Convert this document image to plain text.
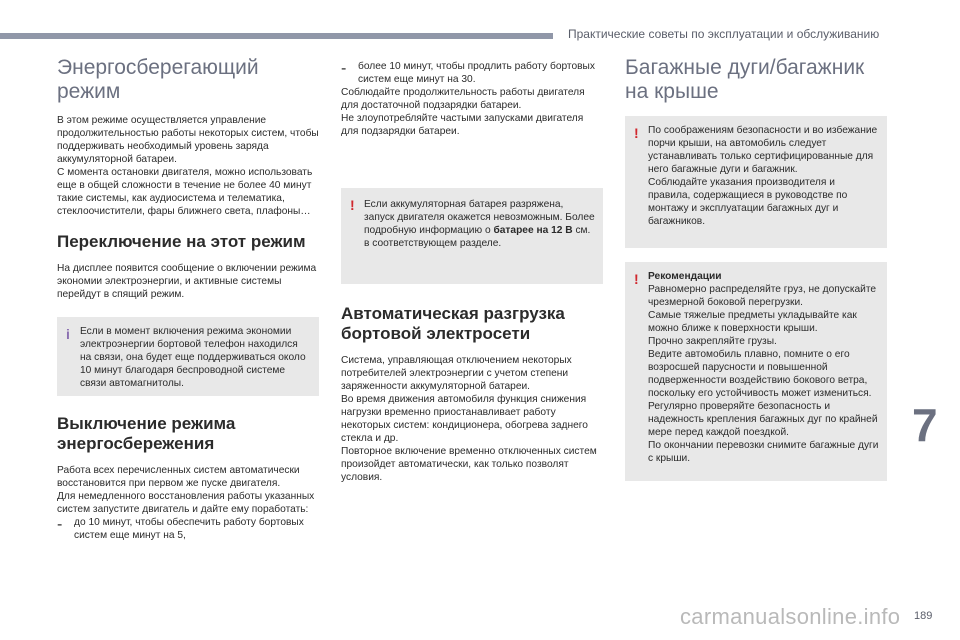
Практические советы по эксплуатации и обслуживанию
Энергосберегающий режим

В этом режиме осуществляется управление продолжительностью работы некоторых систем, чтобы поддерживать необходимый уровень заряда аккумуляторной батареи.

С момента остановки двигателя, можно использовать еще в общей сложности в течение не более 40 минут такие системы, как аудиосистема и телематика, стеклоочистители, фары ближнего света, плафоны…

Переключение на этот режим

На дисплее появится сообщение о включении режима экономии электроэнергии, и активные системы перейдут в спящий режим.

i Если в момент включения режима экономии электроэнергии бортовой телефон находился на связи, она будет еще поддерживаться около 10 минут благодаря беспроводной системе связи автомагнитолы.
Выключение режима энергосбережения

Работа всех перечисленных систем автоматически восстановится при первом же пуске двигателя.

Для немедленного восстановления работы указанных систем запустите двигатель и дайте ему поработать:

-	до 10 минут, чтобы обеспечить работу бортовых систем еще минут на 5,

-	более 10 минут, чтобы продлить работу бортовых систем еще минут на 30.

Соблюдайте продолжительность работы двигателя для достаточной подзарядки батареи.

Не злоупотребляйте частыми запусками двигателя для подзарядки батареи.

! Если аккумуляторная батарея разряжена, запуск двигателя окажется невозможным. Более подробную информацию о батарее на 12 В см. в соответствующем разделе.
Автоматическая разгрузка бортовой электросети

Система, управляющая отключением некоторых потребителей электроэнергии с учетом степени заряженности аккумуляторной батареи.

Во время движения автомобиля функция снижения нагрузки временно приостанавливает работу некоторых систем: кондиционера, обогрева заднего стекла и др.

Повторное включение временно отключенных систем произойдет автоматически, как только позволят условия.

Багажные дуги/багажник на крыше
! По соображениям безопасности и во избежание порчи крыши, на автомобиль следует устанавливать только сертифицированные для него багажные дуги и багажник.

Соблюдайте указания производителя и правила, содержащиеся в руководстве по монтажу и эксплуатации багажных дуг и багажников.

! Рекомендации

Равномерно распределяйте груз, не допускайте чрезмерной боковой перегрузки.

Самые тяжелые предметы укладывайте как можно ближе к поверхности крыши.

Прочно закрепляйте грузы.

Ведите автомобиль плавно, помните о его возросшей парусности и повышенной подверженности воздействию бокового ветра, поскольку его устойчивость может измениться.

Регулярно проверяйте безопасность и надежность крепления багажных дуг по крайней мере перед каждой поездкой.

По окончании перевозки снимите багажные дуги с крыши.

7
carmanualsonline.info 189
